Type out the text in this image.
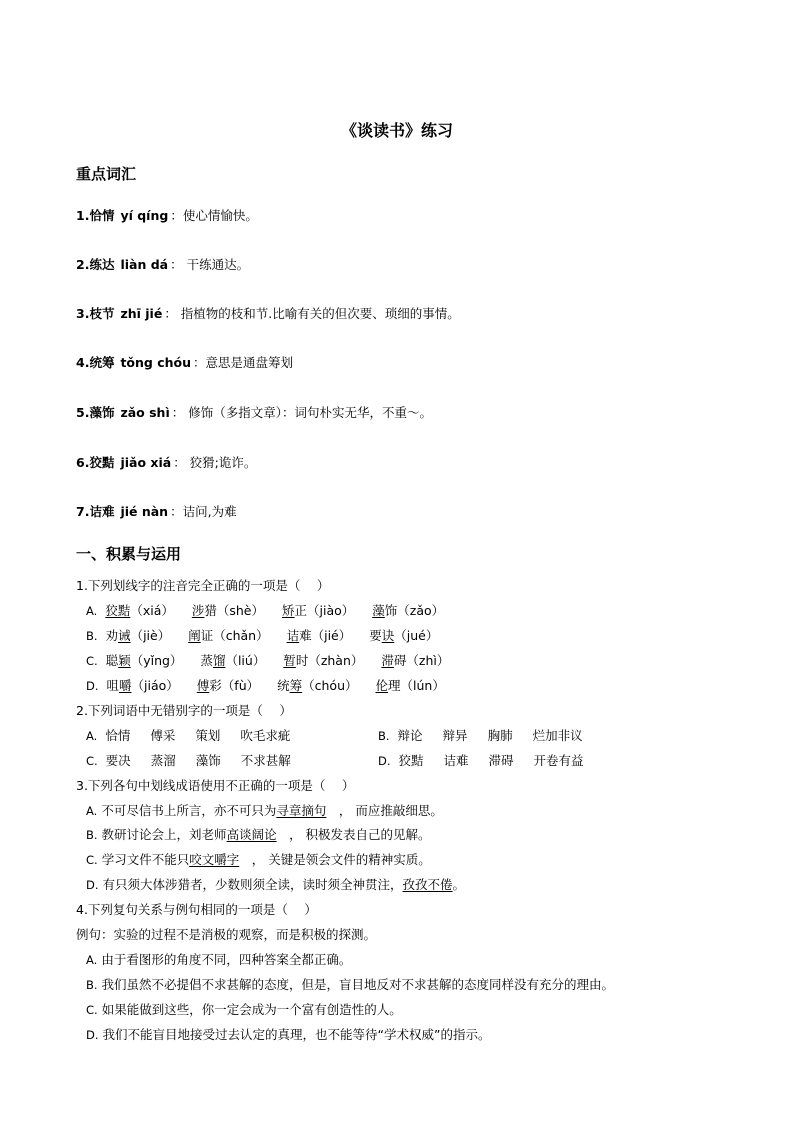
《谈读书》练习
重点词汇
1.恰情 yí qíng ：使心情愉快。
2.练达 liàn dá ： 干练通达。
3.枝节 zhī jié ： 指植物的枝和节.比喻有关的但次要、琐细的事情。
4.统筹 tǒng chóu ：意思是通盘筹划
5.藻饰 zǎo shì ： 修饰（多指文章）：词句朴实无华，不重～。
6.狡黠 jiǎo xiá ： 狡猾;诡诈。
7.诘难 jié nàn ：诘问,为难
一、积累与运用
1.下列划线字的注音完全正确的一项是（　 ）
A. 狡黠（xiá） 涉猎（shè） 矫正（jiào） 藻饰（zǎo）
B. 劝诫（jiè） 阐证（chǎn） 诘难（jié） 要诀（jué）
C. 聪颖（yǐng） 蒸馏（liú） 暂时（zhàn） 滞碍（zhì）
D. 咀嚼（jiáo） 傅彩（fù） 统筹（chóu） 伦理（lún）
2.下列词语中无错别字的一项是（　 ）
A. 恰情 傅采 策划 吹毛求疵	B. 辩论 辩异 胸肺 烂加非议
C. 要决 蒸溜 藻饰 不求甚解	D. 狡黠 诘难 滞碍 开卷有益
3.下列各句中划线成语使用不正确的一项是（　 ）
A. 不可尽信书上所言，亦不可只为寻章摘句　， 而应推敲细思。
B. 教研讨论会上，刘老师高谈阔论　， 积极发表自己的见解。
C. 学习文件不能只咬文嚼字　， 关键是领会文件的精神实质。
D. 有只须大体涉猎者，少数则须全读，读时须全神贯注，孜孜不倦。
4.下列复句关系与例句相同的一项是（　 ）
例句：实验的过程不是消极的观察，而是积极的探测。
A. 由于看图形的角度不同，四种答案全都正确。
B. 我们虽然不必提倡不求甚解的态度，但是，盲目地反对不求甚解的态度同样没有充分的理由。
C. 如果能做到这些，你一定会成为一个富有创造性的人。
D. 我们不能盲目地接受过去认定的真理，也不能等待“学术权威”的指示。
